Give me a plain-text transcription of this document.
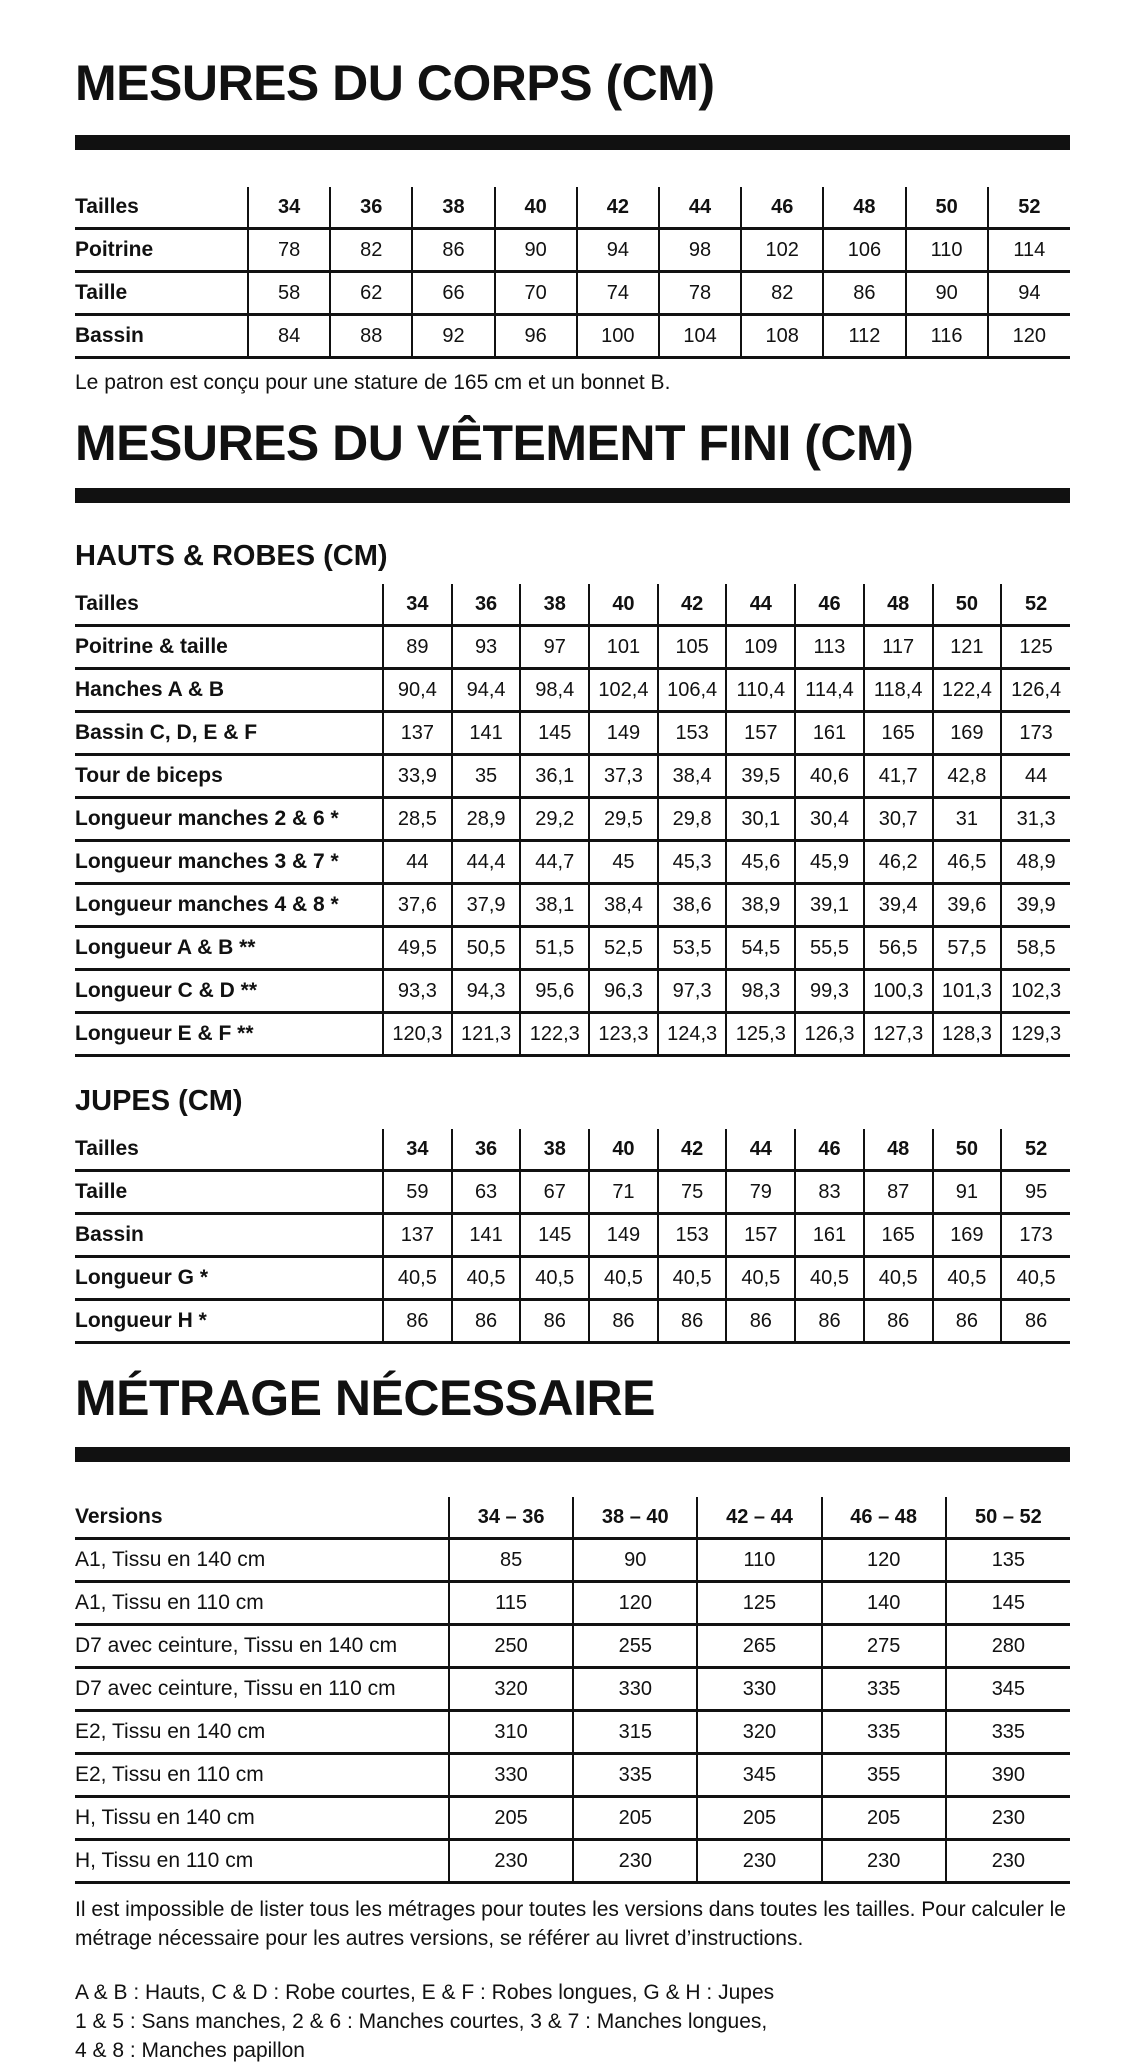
MESURES DU CORPS (CM)
Tailles	34	36	38	40	42	44	46	48	50	52
Poitrine	78	82	86	90	94	98	102	106	110	114
Taille	58	62	66	70	74	78	82	86	90	94
Bassin	84	88	92	96	100	104	108	112	116	120

Le patron est conçu pour une stature de 165 cm et un bonnet B.

MESURES DU VÊTEMENT FINI (CM)
HAUTS & ROBES (CM)
Tailles	34	36	38	40	42	44	46	48	50	52
Poitrine & taille	89	93	97	101	105	109	113	117	121	125
Hanches A & B	90,4	94,4	98,4	102,4	106,4	110,4	114,4	118,4	122,4	126,4
Bassin C, D, E & F	137	141	145	149	153	157	161	165	169	173
Tour de biceps	33,9	35	36,1	37,3	38,4	39,5	40,6	41,7	42,8	44
Longueur manches 2 & 6 *	28,5	28,9	29,2	29,5	29,8	30,1	30,4	30,7	31	31,3
Longueur manches 3 & 7 *	44	44,4	44,7	45	45,3	45,6	45,9	46,2	46,5	48,9
Longueur manches 4 & 8 *	37,6	37,9	38,1	38,4	38,6	38,9	39,1	39,4	39,6	39,9
Longueur A & B **	49,5	50,5	51,5	52,5	53,5	54,5	55,5	56,5	57,5	58,5
Longueur C & D **	93,3	94,3	95,6	96,3	97,3	98,3	99,3	100,3	101,3	102,3
Longueur E & F **	120,3	121,3	122,3	123,3	124,3	125,3	126,3	127,3	128,3	129,3
JUPES (CM)
Tailles	34	36	38	40	42	44	46	48	50	52
Taille	59	63	67	71	75	79	83	87	91	95
Bassin	137	141	145	149	153	157	161	165	169	173
Longueur G *	40,5	40,5	40,5	40,5	40,5	40,5	40,5	40,5	40,5	40,5
Longueur H *	86	86	86	86	86	86	86	86	86	86
MÉTRAGE NÉCESSAIRE
Versions	34 – 36	38 – 40	42 – 44	46 – 48	50 – 52
A1, Tissu en 140 cm	85	90	110	120	135
A1, Tissu en 110 cm	115	120	125	140	145
D7 avec ceinture, Tissu en 140 cm	250	255	265	275	280
D7 avec ceinture, Tissu en 110 cm	320	330	330	335	345
E2, Tissu en 140 cm	310	315	320	335	335
E2, Tissu en 110 cm	330	335	345	355	390
H, Tissu en 140 cm	205	205	205	205	230
H, Tissu en 110 cm	230	230	230	230	230

Il est impossible de lister tous les métrages pour toutes les versions dans toutes les tailles. Pour calculer le métrage nécessaire pour les autres versions, se référer au livret d’instructions.

A & B : Hauts, C & D : Robe courtes, E & F : Robes longues, G & H : Jupes

1 & 5 : Sans manches, 2 & 6 : Manches courtes, 3 & 7 : Manches longues,

4 & 8 : Manches papillon
